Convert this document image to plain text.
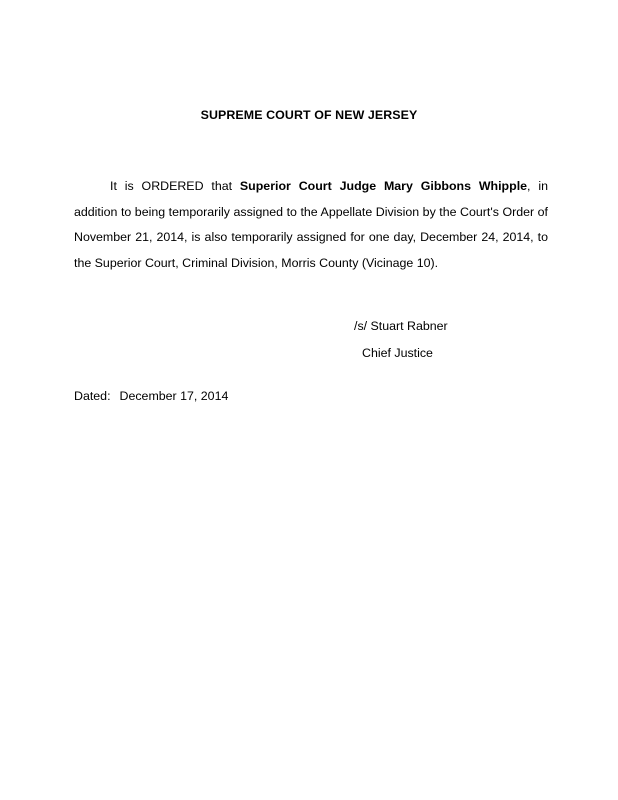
SUPREME COURT OF NEW JERSEY

It is ORDERED that Superior Court Judge Mary Gibbons Whipple, in addition to being temporarily assigned to the Appellate Division by the Court's Order of November 21, 2014, is also temporarily assigned for one day, December 24, 2014, to the Superior Court, Criminal Division, Morris County (Vicinage 10).

/s/ Stuart Rabner
Chief Justice
Dated: December 17, 2014
